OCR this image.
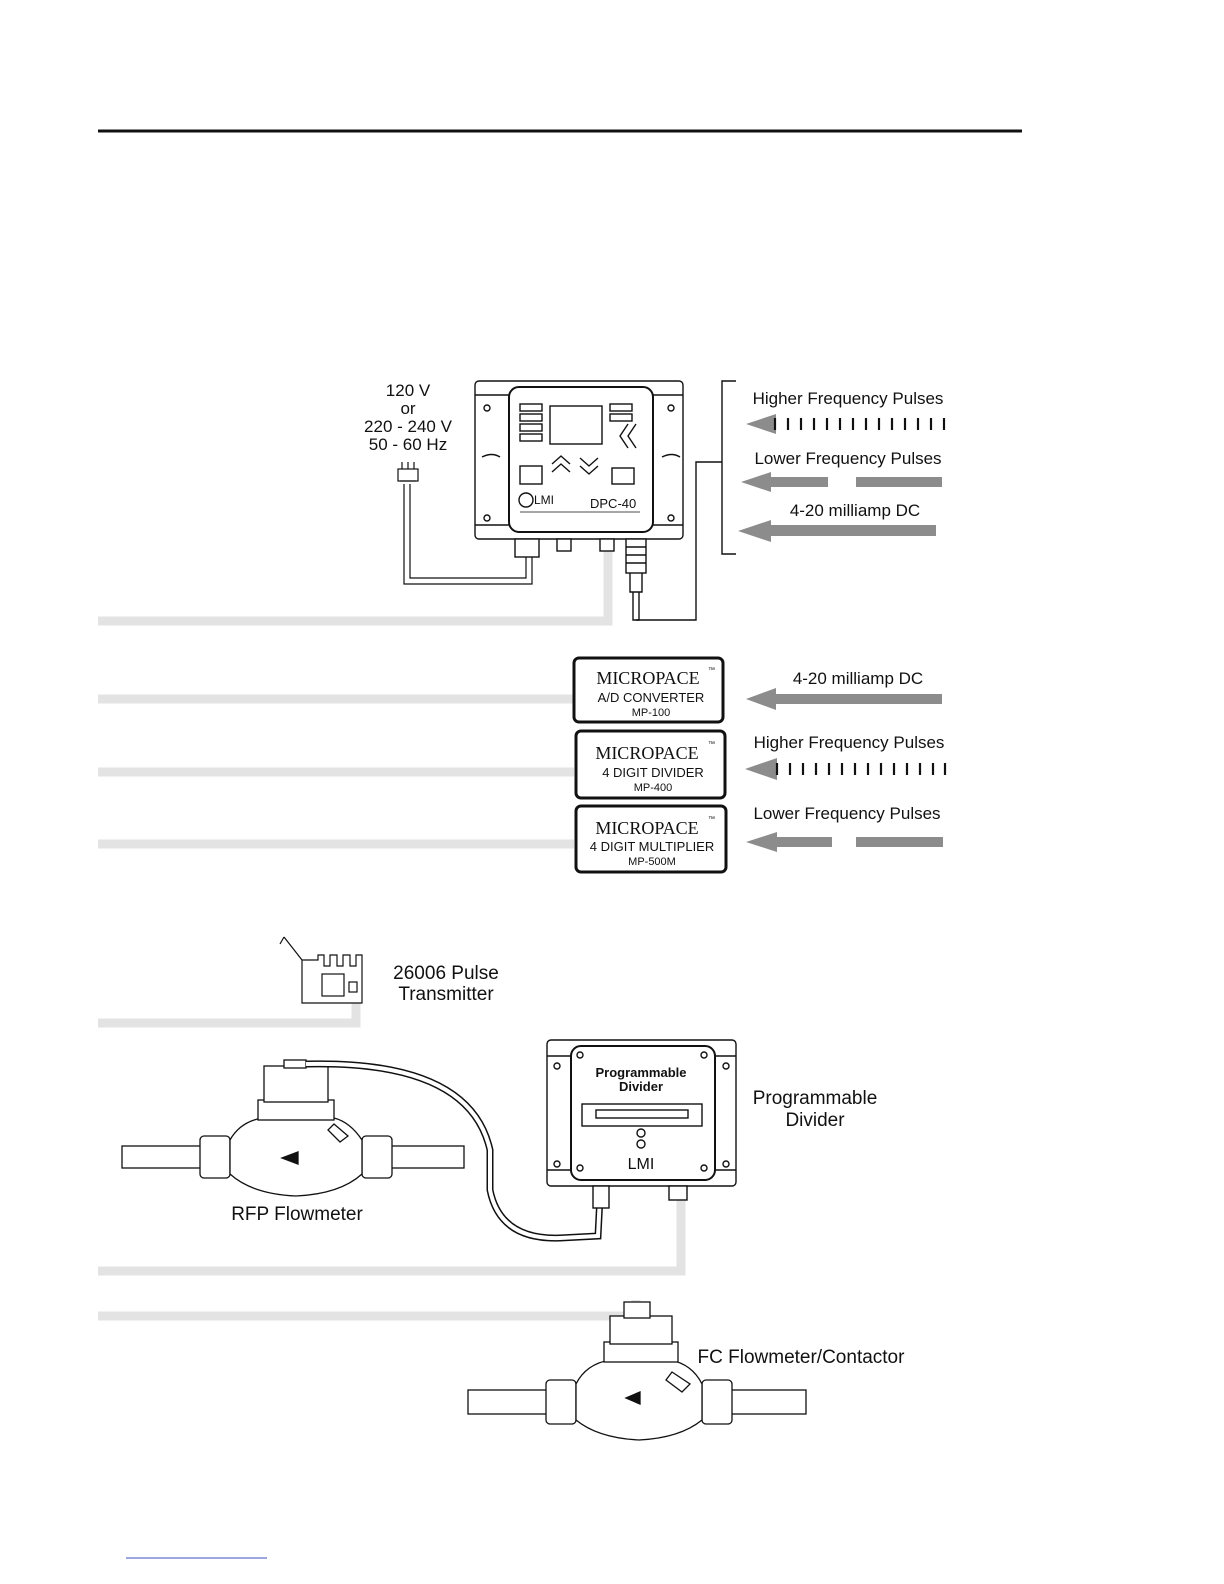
120 V
or
220 - 240 V
50 - 60 Hz
LMI	DPC-40
Higher Frequency Pulses
Lower Frequency Pulses
4-20 milliamp DC
MICROPACE ™
A/D CONVERTER
MP-100
4-20 milliamp DC
MICROPACE ™
4 DIGIT DIVIDER
MP-400
Higher Frequency Pulses
MICROPACE ™
4 DIGIT MULTIPLIER
MP-500M
Lower Frequency Pulses
26006 Pulse
Transmitter
RFP Flowmeter
Programmable
Divider
LMI
Programmable
Divider
FC Flowmeter/Contactor
